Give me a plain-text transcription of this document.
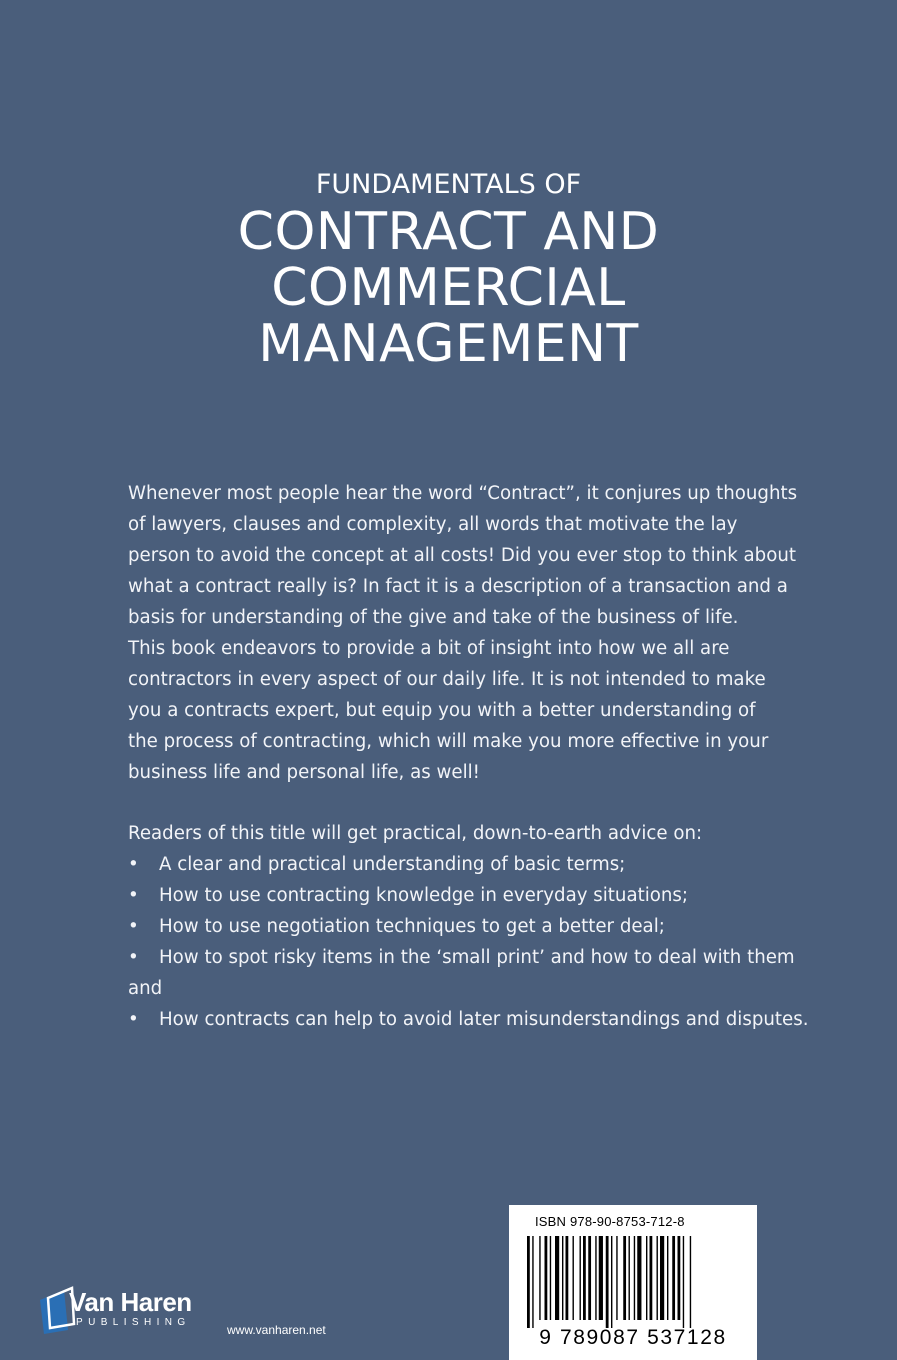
FUNDAMENTALS OF
CONTRACT AND
COMMERCIAL
MANAGEMENT
Whenever most people hear the word “Contract”, it conjures up thoughts
of lawyers, clauses and complexity, all words that motivate the lay
person to avoid the concept at all costs! Did you ever stop to think about
what a contract really is? In fact it is a description of a transaction and a
basis for understanding of the give and take of the business of life.
This book endeavors to provide a bit of insight into how we all are
contractors in every aspect of our daily life. It is not intended to make
you a contracts expert, but equip you with a better understanding of
the process of contracting, which will make you more effective in your
business life and personal life, as well!
Readers of this title will get practical, down-to-earth advice on:
•	A clear and practical understanding of basic terms;
•	How to use contracting knowledge in everyday situations;
•	How to use negotiation techniques to get a better deal;
•	How to spot risky items in the ‘small print’ and how to deal with them
and
•	How contracts can help to avoid later misunderstandings and disputes.
Van Haren
PUBLISHING
www.vanharen.net
ISBN 978-90-8753-712-8
9 789087 537128
